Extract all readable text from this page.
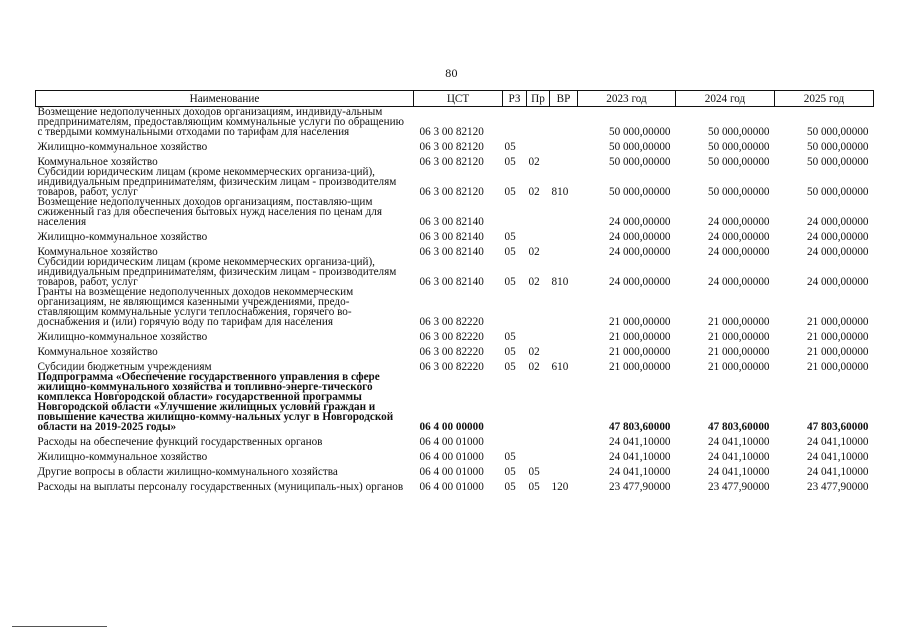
80
Наименование	ЦСТ	РЗ	Пр	ВР	2023 год	2024 год	2025 год
Возмещение недополученных доходов организациям, индивиду-альным предпринимателям, предоставляющим коммунальные услуги по обращению с твердыми коммунальными отходами по тарифам для населения	06 3 00 82120				50 000,00000	50 000,00000	50 000,00000
Жилищно-коммунальное хозяйство	06 3 00 82120	05			50 000,00000	50 000,00000	50 000,00000
Коммунальное хозяйство	06 3 00 82120	05	02		50 000,00000	50 000,00000	50 000,00000
Субсидии юридическим лицам (кроме некоммерческих организа-ций), индивидуальным предпринимателям, физическим лицам - производителям товаров, работ, услуг	06 3 00 82120	05	02	810	50 000,00000	50 000,00000	50 000,00000
Возмещение недополученных доходов организациям, поставляю-щим сжиженный газ для обеспечения бытовых нужд населения по ценам для населения	06 3 00 82140				24 000,00000	24 000,00000	24 000,00000
Жилищно-коммунальное хозяйство	06 3 00 82140	05			24 000,00000	24 000,00000	24 000,00000
Коммунальное хозяйство	06 3 00 82140	05	02		24 000,00000	24 000,00000	24 000,00000
Субсидии юридическим лицам (кроме некоммерческих организа-ций), индивидуальным предпринимателям, физическим лицам - производителям товаров, работ, услуг	06 3 00 82140	05	02	810	24 000,00000	24 000,00000	24 000,00000
Гранты на возмещение недополученных доходов некоммерческим организациям, не являющимся казенными учреждениями, предо-ставляющим коммунальные услуги теплоснабжения, горячего во-доснабжения и (или) горячую воду по тарифам для населения	06 3 00 82220				21 000,00000	21 000,00000	21 000,00000
Жилищно-коммунальное хозяйство	06 3 00 82220	05			21 000,00000	21 000,00000	21 000,00000
Коммунальное хозяйство	06 3 00 82220	05	02		21 000,00000	21 000,00000	21 000,00000
Субсидии бюджетным учреждениям	06 3 00 82220	05	02	610	21 000,00000	21 000,00000	21 000,00000
Подпрограмма «Обеспечение государственного управления в сфере жилищно-коммунального хозяйства и топливно-энерге-тического комплекса Новгородской области» государственной программы Новгородской области «Улучшение жилищных условий граждан и повышение качества жилищно-комму-нальных услуг в Новгородской области на 2019-2025 годы»	06 4 00 00000				47 803,60000	47 803,60000	47 803,60000
Расходы на обеспечение функций государственных органов	06 4 00 01000				24 041,10000	24 041,10000	24 041,10000
Жилищно-коммунальное хозяйство	06 4 00 01000	05			24 041,10000	24 041,10000	24 041,10000
Другие вопросы в области жилищно-коммунального хозяйства	06 4 00 01000	05	05		24 041,10000	24 041,10000	24 041,10000
Расходы на выплаты персоналу государственных (муниципаль-ных) органов	06 4 00 01000	05	05	120	23 477,90000	23 477,90000	23 477,90000
